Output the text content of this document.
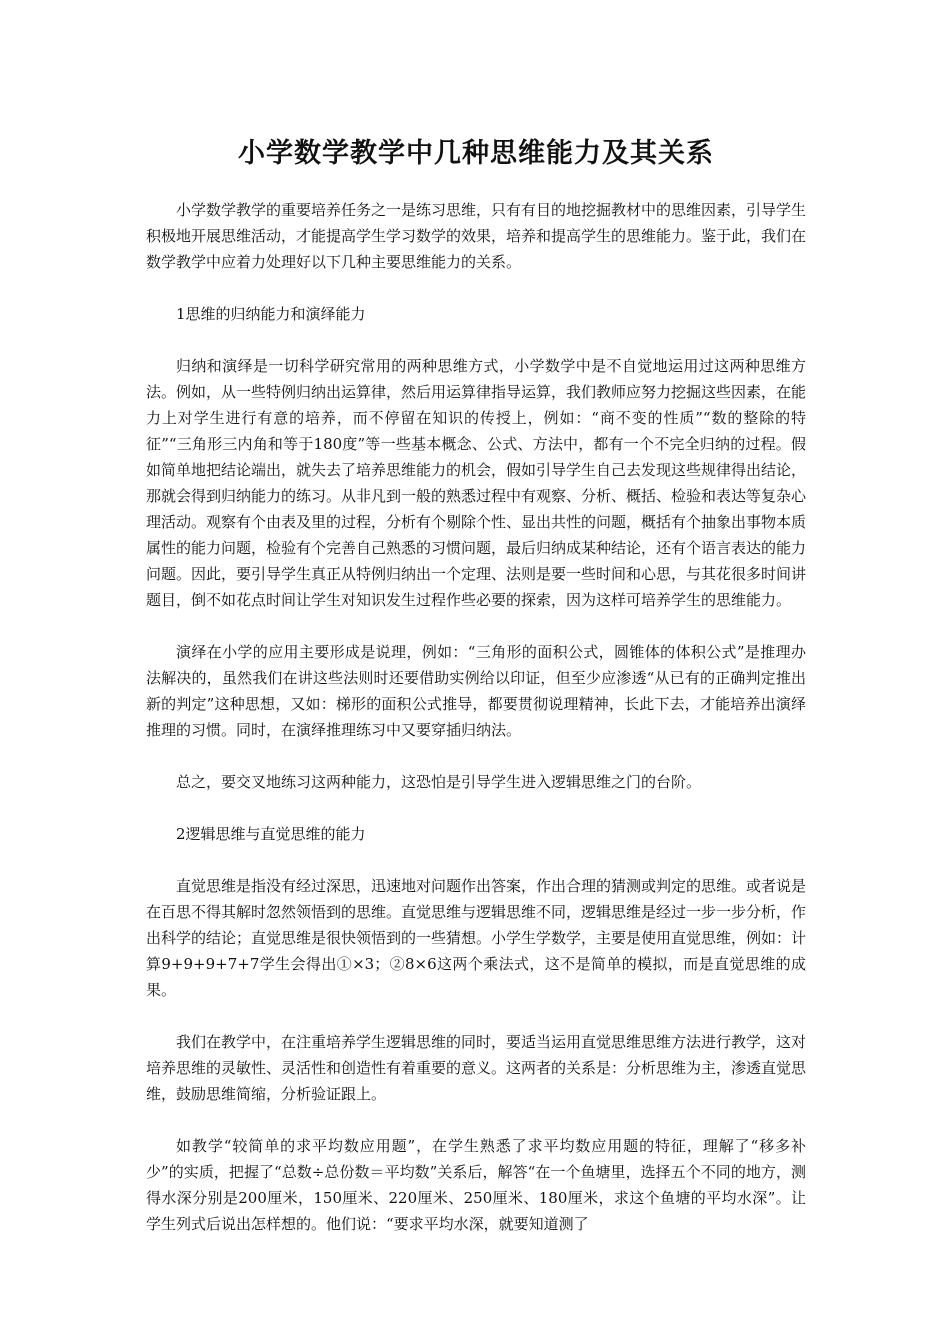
小学数学教学中几种思维能力及其关系

小学数学教学的重要培养任务之一是练习思维，只有有目的地挖掘教材中的思维因素，引导学生积极地开展思维活动，才能提高学生学习数学的效果，培养和提高学生的思维能力。鉴于此，我们在数学教学中应着力处理好以下几种主要思维能力的关系。

1思维的归纳能力和演绎能力

归纳和演绎是一切科学研究常用的两种思维方式，小学数学中是不自觉地运用过这两种思维方法。例如，从一些特例归纳出运算律，然后用运算律指导运算，我们教师应努力挖掘这些因素，在能力上对学生进行有意的培养，而不停留在知识的传授上，例如：“商不变的性质”“数的整除的特征”“三角形三内角和等于180度”等一些基本概念、公式、方法中，都有一个不完全归纳的过程。假如简单地把结论端出，就失去了培养思维能力的机会，假如引导学生自己去发现这些规律得出结论，那就会得到归纳能力的练习。从非凡到一般的熟悉过程中有观察、分析、概括、检验和表达等复杂心理活动。观察有个由表及里的过程，分析有个剔除个性、显出共性的问题，概括有个抽象出事物本质属性的能力问题，检验有个完善自己熟悉的习惯问题，最后归纳成某种结论，还有个语言表达的能力问题。因此，要引导学生真正从特例归纳出一个定理、法则是要一些时间和心思，与其花很多时间讲题目，倒不如花点时间让学生对知识发生过程作些必要的探索，因为这样可培养学生的思维能力。

演绎在小学的应用主要形成是说理，例如：“三角形的面积公式，圆锥体的体积公式”是推理办法解决的，虽然我们在讲这些法则时还要借助实例给以印证，但至少应渗透“从已有的正确判定推出新的判定”这种思想，又如：梯形的面积公式推导，都要贯彻说理精神，长此下去，才能培养出演绎推理的习惯。同时，在演绎推理练习中又要穿插归纳法。

总之，要交叉地练习这两种能力，这恐怕是引导学生进入逻辑思维之门的台阶。

2逻辑思维与直觉思维的能力

直觉思维是指没有经过深思，迅速地对问题作出答案，作出合理的猜测或判定的思维。或者说是在百思不得其解时忽然领悟到的思维。直觉思维与逻辑思维不同，逻辑思维是经过一步一步分析，作出科学的结论；直觉思维是很快领悟到的一些猜想。小学生学数学，主要是使用直觉思维，例如：计算9+9+9+7+7学生会得出①×3；②8×6这两个乘法式，这不是简单的模拟，而是直觉思维的成果。

我们在教学中，在注重培养学生逻辑思维的同时，要适当运用直觉思维思维方法进行教学，这对培养思维的灵敏性、灵活性和创造性有着重要的意义。这两者的关系是：分析思维为主，渗透直觉思维，鼓励思维简缩，分析验证跟上。

如教学“较简单的求平均数应用题”，在学生熟悉了求平均数应用题的特征，理解了“移多补少”的实质，把握了“总数÷总份数＝平均数”关系后，解答“在一个鱼塘里，选择五个不同的地方，测得水深分别是200厘米，150厘米、220厘米、250厘米、180厘米，求这个鱼塘的平均水深”。让学生列式后说出怎样想的。他们说：“要求平均水深，就要知道测了
